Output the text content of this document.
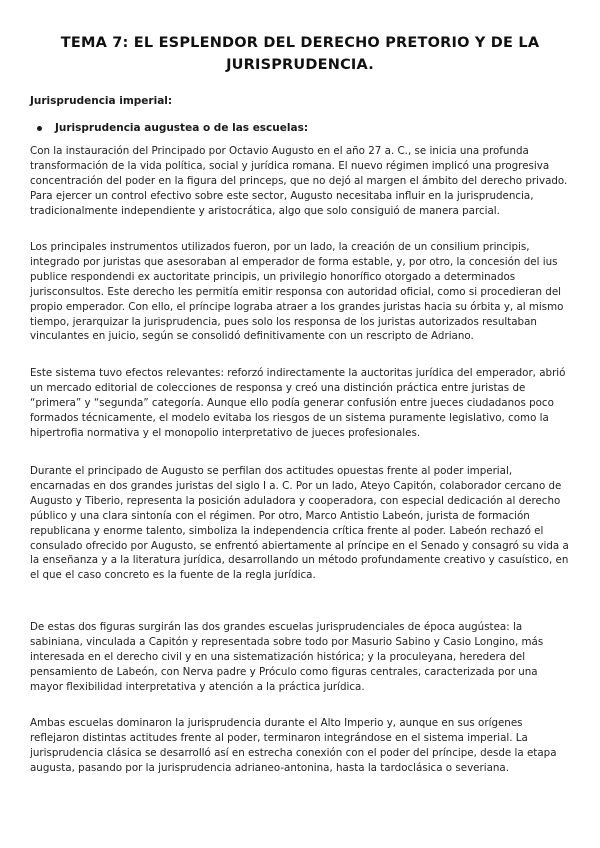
TEMA 7: EL ESPLENDOR DEL DERECHO PRETORIO Y DE LA JURISPRUDENCIA.

Jurisprudencia imperial:

Jurisprudencia augustea o de las escuelas:

Con la instauración del Principado por Octavio Augusto en el año 27 a. C., se inicia una profunda transformación de la vida política, social y jurídica romana. El nuevo régimen implicó una progresiva concentración del poder en la figura del princeps, que no dejó al margen el ámbito del derecho privado. Para ejercer un control efectivo sobre este sector, Augusto necesitaba influir en la jurisprudencia, tradicionalmente independiente y aristocrática, algo que solo consiguió de manera parcial.

Los principales instrumentos utilizados fueron, por un lado, la creación de un consilium principis, integrado por juristas que asesoraban al emperador de forma estable, y, por otro, la concesión del ius publice respondendi ex auctoritate principis, un privilegio honorífico otorgado a determinados jurisconsultos. Este derecho les permitía emitir responsa con autoridad oficial, como si procedieran del propio emperador. Con ello, el príncipe lograba atraer a los grandes juristas hacia su órbita y, al mismo tiempo, jerarquizar la jurisprudencia, pues solo los responsa de los juristas autorizados resultaban vinculantes en juicio, según se consolidó definitivamente con un rescripto de Adriano.

Este sistema tuvo efectos relevantes: reforzó indirectamente la auctoritas jurídica del emperador, abrió un mercado editorial de colecciones de responsa y creó una distinción práctica entre juristas de “primera” y “segunda” categoría. Aunque ello podía generar confusión entre jueces ciudadanos poco formados técnicamente, el modelo evitaba los riesgos de un sistema puramente legislativo, como la hipertrofia normativa y el monopolio interpretativo de jueces profesionales.

Durante el principado de Augusto se perfilan dos actitudes opuestas frente al poder imperial, encarnadas en dos grandes juristas del siglo I a. C. Por un lado, Ateyo Capitón, colaborador cercano de Augusto y Tiberio, representa la posición aduladora y cooperadora, con especial dedicación al derecho público y una clara sintonía con el régimen. Por otro, Marco Antistio Labeón, jurista de formación republicana y enorme talento, simboliza la independencia crítica frente al poder. Labeón rechazó el consulado ofrecido por Augusto, se enfrentó abiertamente al príncipe en el Senado y consagró su vida a la enseñanza y a la literatura jurídica, desarrollando un método profundamente creativo y casuístico, en el que el caso concreto es la fuente de la regla jurídica.

De estas dos figuras surgirán las dos grandes escuelas jurisprudenciales de época augústea: la sabiniana, vinculada a Capitón y representada sobre todo por Masurio Sabino y Casio Longino, más interesada en el derecho civil y en una sistematización histórica; y la proculeyana, heredera del pensamiento de Labeón, con Nerva padre y Próculo como figuras centrales, caracterizada por una mayor flexibilidad interpretativa y atención a la práctica jurídica.

Ambas escuelas dominaron la jurisprudencia durante el Alto Imperio y, aunque en sus orígenes reflejaron distintas actitudes frente al poder, terminaron integrándose en el sistema imperial. La jurisprudencia clásica se desarrolló así en estrecha conexión con el poder del príncipe, desde la etapa augusta, pasando por la jurisprudencia adrianeo-antonina, hasta la tardoclásica o severiana.
